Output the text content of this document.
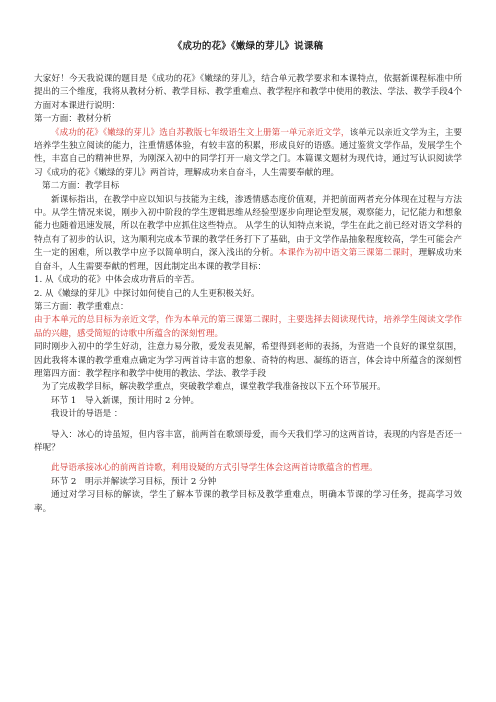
《成功的花》《嫩绿的芽儿》说课稿

大家好！今天我说课的题目是《成功的花》《嫩绿的芽儿》，结合单元教学要求和本课特点，依据新课程标准中所提出的三个维度，我将从教材分析、教学目标、教学重难点、教学程序和教学中使用的教法、学法、教学手段4个方面对本课进行说明：

第一方面：教材分析

《成功的花》《嫩绿的芽儿》选自苏教版七年级语生文上册第一单元亲近文学，该单元以亲近文学为主，主要培养学生独立阅读的能力，注重情感体验，有较丰富的积累，形成良好的语感。通过鉴赏文学作品，发展学生个性，丰富自己的精神世界，为刚深入初中的同学打开一扇文学之门。本篇课文题材为现代诗，通过写认识阅读学习《成功的花》《嫩绿的芽儿》两首诗，理解成功来自奋斗，人生需要奉献的理。

第二方面：教学目标

新课标指出，在教学中应以知识与技能为主线，渗透情感态度价值观，并把前面两者充分体现在过程与方法中。从学生情况来说，刚步入初中阶段的学生逻辑思维从经验型逐步向理论型发展，观察能力，记忆能力和想象能力也随着迅速发展，所以在教学中应抓住这些特点。 从学生的认知特点来说，学生在此之前已经对语文学科的特点有了初步的认识，这为顺利完成本节课的教学任务打下了基础，由于文学作品抽象程度较高，学生可能会产生一定的困难，所以教学中应予以简单明白，深入浅出的分析。本课作为初中语文第三课第二课时，理解成功来自奋斗，人生需要奉献的哲理，因此制定出本课的教学目标：

1. 从《成功的花》中体会成功背后的辛苦。

2. 从《嫩绿的芽儿》中探讨如何使自己的人生更积极关好。

第三方面：教学重难点：

由于本单元的总目标为亲近文学，作为本单元的第三课第二课时，主要选择去阅读现代诗，培养学生阅读文学作品的兴趣，感受简短的诗歌中所蕴含的深刻哲理。

同时刚步入初中的学生好动，注意力易分散，爱发表见解，希望得到老师的表扬，为营造一个良好的课堂氛围，因此我将本课的教学重难点确定为学习两首诗丰富的想象、奇特的构思、凝练的语言，体会诗中所蕴含的深刻哲理第四方面：教学程序和教学中使用的教法、学法、教学手段

为了完成教学目标，解决教学重点，突破教学难点，课堂教学我准备按以下五个环节展开。

环节 1　导入新课，预计用时 2 分钟。

我设计的导语是 ：

导入：冰心的诗虽短，但内容丰富，前两首在歌颂母爱，而今天我们学习的这两首诗，表现的内容是否还一样呢？

此导语承接冰心的前两首诗歌，利用设疑的方式引导学生体会这两首诗歌蕴含的哲理。

环节 2　明示并解读学习目标，预计 2 分钟

通过对学习目标的解读，学生了解本节课的教学目标及教学重难点，明确本节课的学习任务，提高学习效率。
